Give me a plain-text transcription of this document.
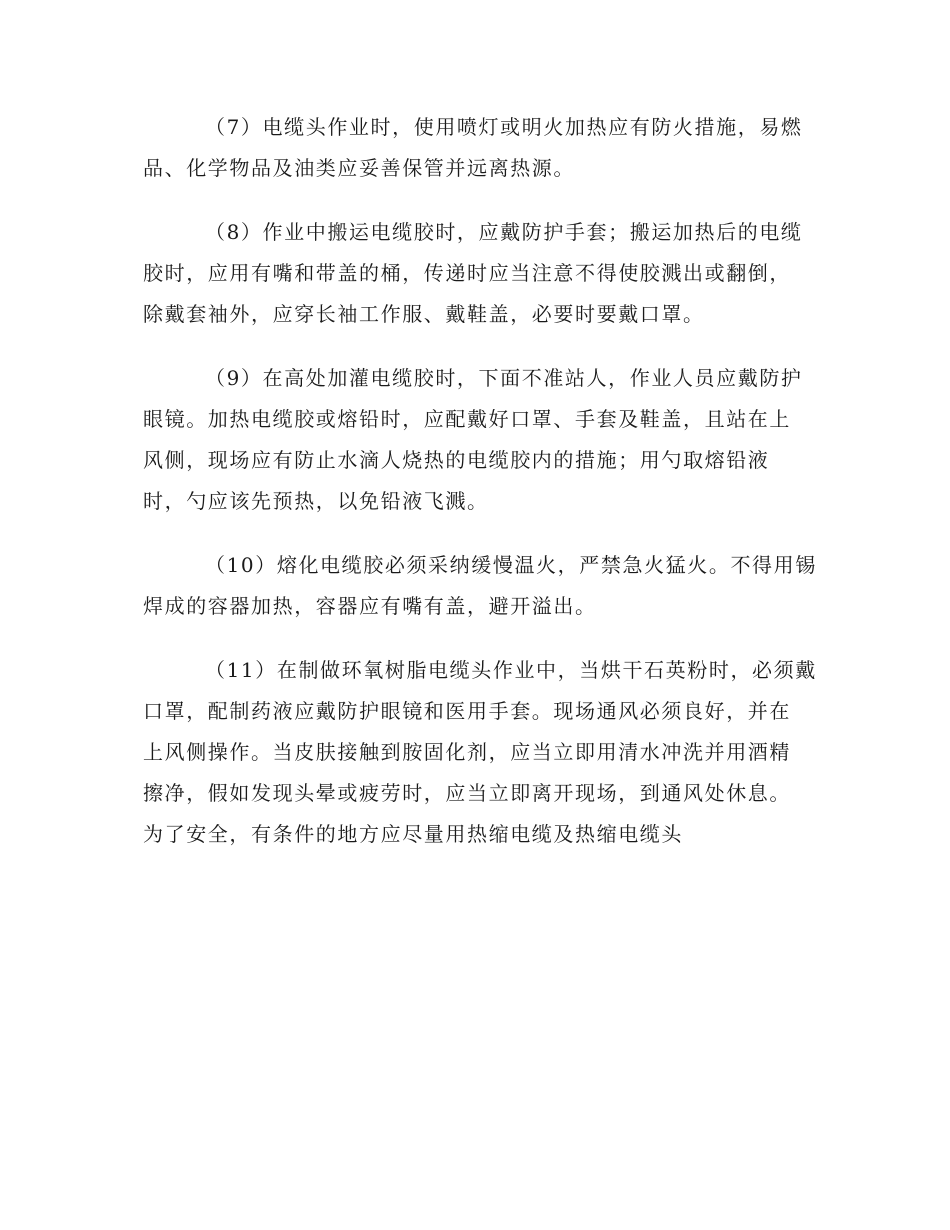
（7）电缆头作业时，使用喷灯或明火加热应有防火措施，易燃
品、化学物品及油类应妥善保管并远离热源。
（8）作业中搬运电缆胶时，应戴防护手套；搬运加热后的电缆
胶时，应用有嘴和带盖的桶，传递时应当注意不得使胶溅出或翻倒，
除戴套袖外，应穿长袖工作服、戴鞋盖，必要时要戴口罩。
（9）在高处加灌电缆胶时，下面不准站人，作业人员应戴防护
眼镜。加热电缆胶或熔铅时，应配戴好口罩、手套及鞋盖，且站在上
风侧，现场应有防止水滴人烧热的电缆胶内的措施；用勺取熔铅液
时，勺应该先预热，以免铅液飞溅。
（10）熔化电缆胶必须采纳缓慢温火，严禁急火猛火。不得用锡
焊成的容器加热，容器应有嘴有盖，避开溢出。
（11）在制做环氧树脂电缆头作业中，当烘干石英粉时，必须戴
口罩，配制药液应戴防护眼镜和医用手套。现场通风必须良好，并在
上风侧操作。当皮肤接触到胺固化剂，应当立即用清水冲洗并用酒精
擦净，假如发现头晕或疲劳时，应当立即离开现场，到通风处休息。
为了安全，有条件的地方应尽量用热缩电缆及热缩电缆头
